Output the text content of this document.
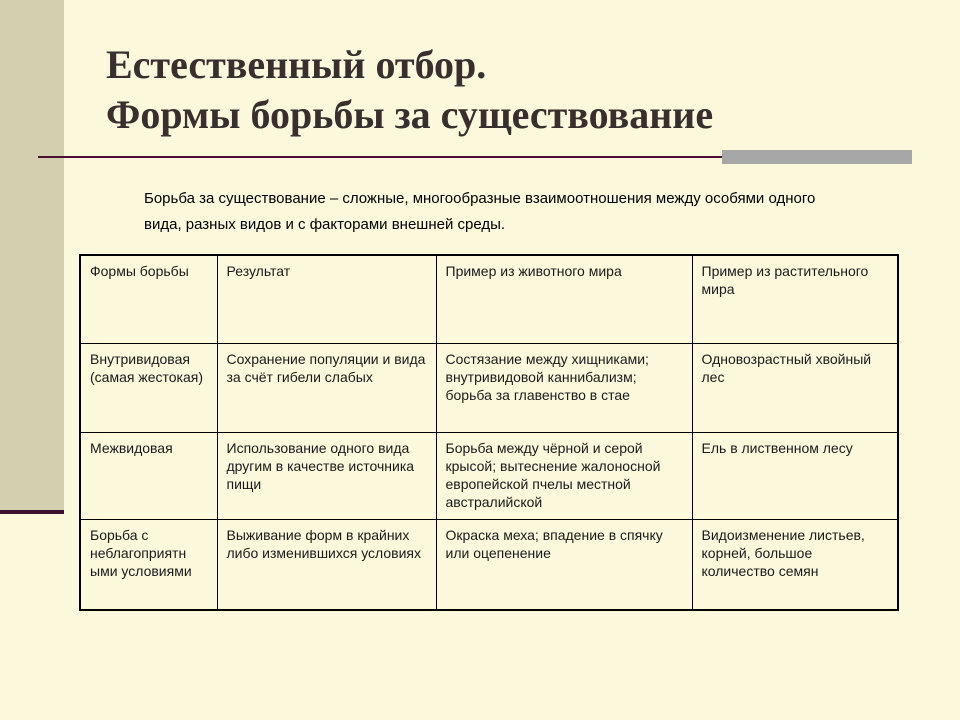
Естественный отбор.
Формы борьбы за существование

Борьба за существование – сложные, многообразные взаимоотношения между особями одного вида, разных видов и с факторами внешней среды.

Формы борьбы	Результат	Пример из животного мира	Пример из растительного мира
Внутривидовая (самая жестокая)	Сохранение популяции и вида за счёт гибели слабых	Состязание между хищниками; внутривидовой каннибализм; борьба за главенство в стае	Одновозрастный хвойный лес
Межвидовая	Использование одного вида другим в качестве источника пищи	Борьба между чёрной и серой крысой; вытеснение жалоносной европейской пчелы местной австралийской	Ель в лиственном лесу
Борьба с неблагоприятн ыми условиями	Выживание форм в крайних либо изменившихся условиях	Окраска меха; впадение в спячку или оцепенение	Видоизменение листьев, корней, большое количество семян
